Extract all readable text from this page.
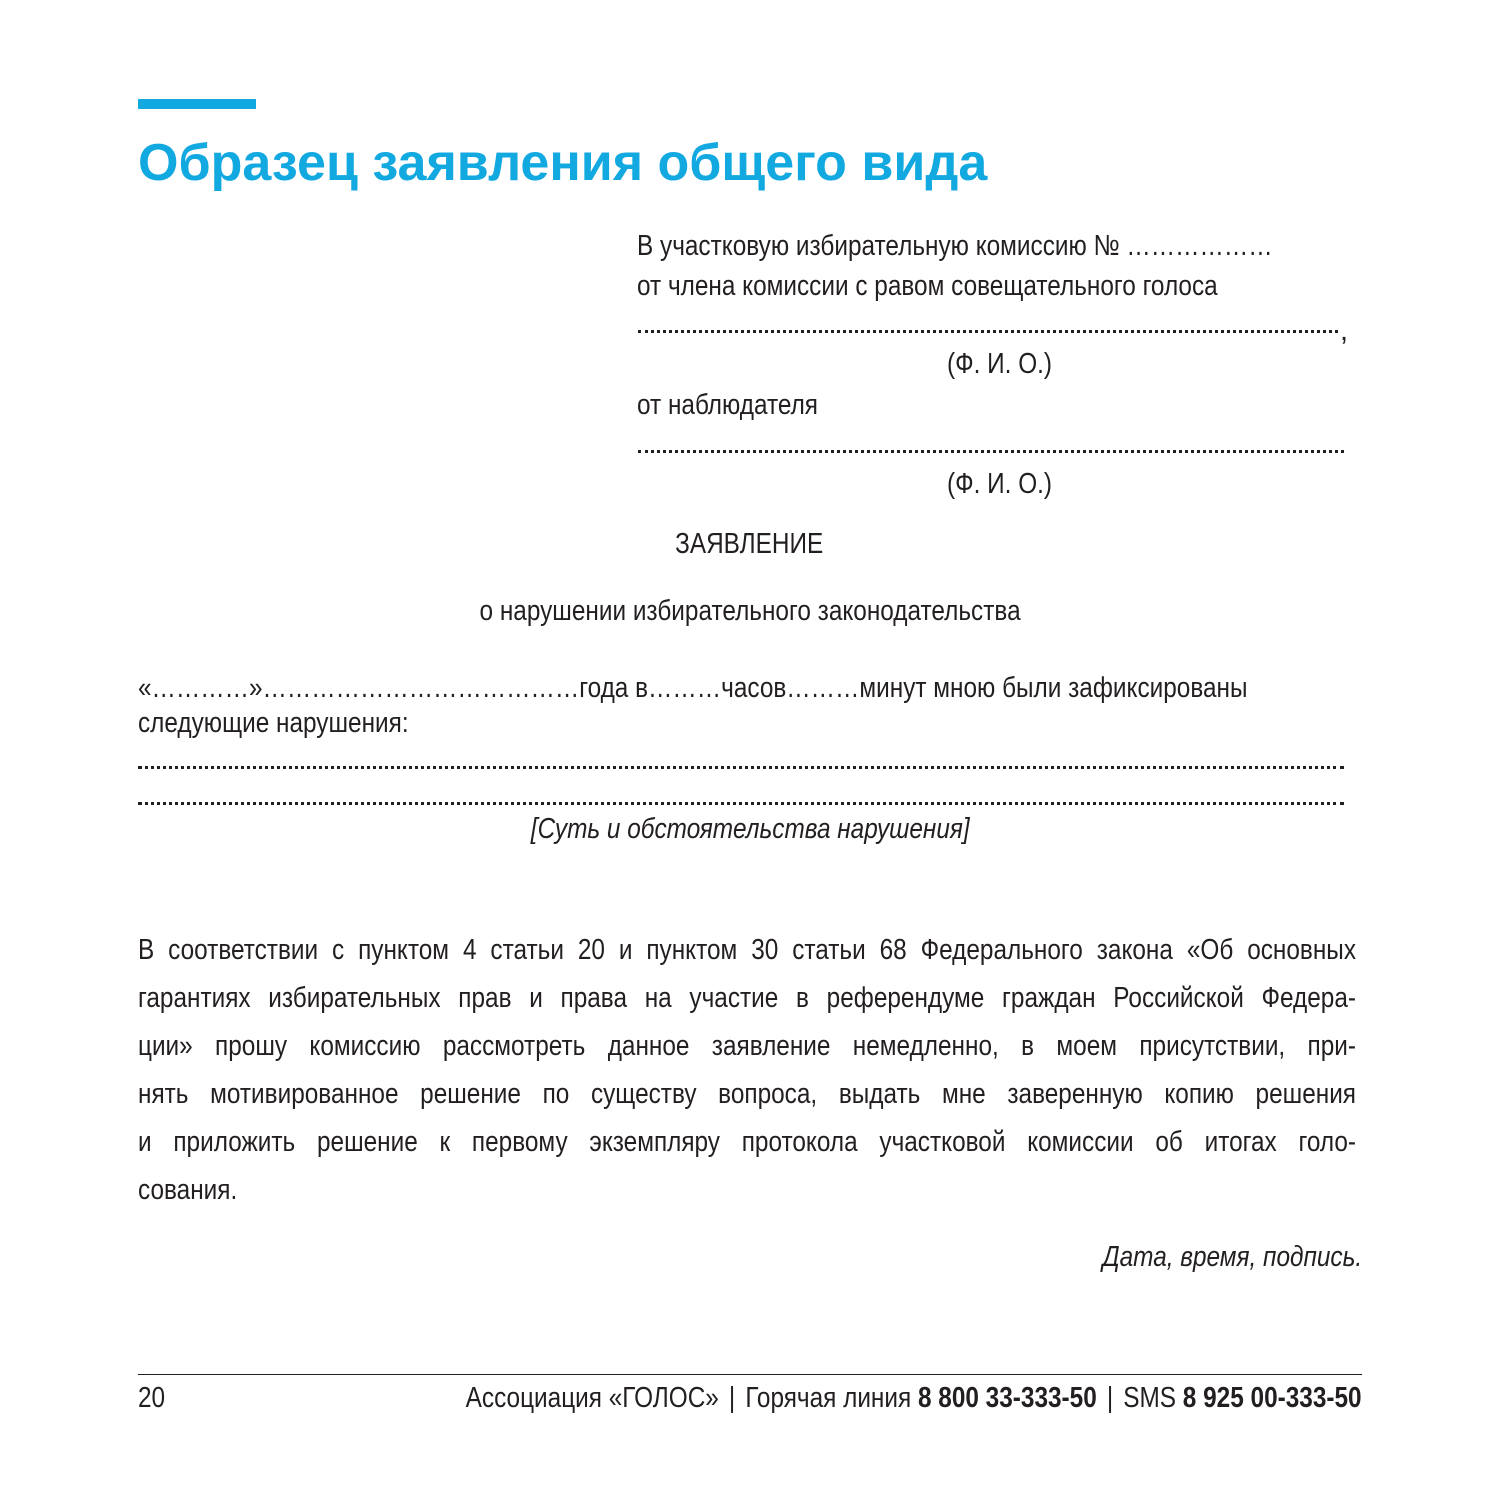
Образец заявления общего вида
В участковую избирательную комиссию № ………………
от члена комиссии с равом совещательного голоса
,
(Ф. И. О.)
от наблюдателя
(Ф. И. О.)
ЗАЯВЛЕНИЕ
о нарушении избирательного законодательства
«…………»…………………………………года в………часов………минут мною были зафиксированы
следующие нарушения:
[Суть и обстоятельства нарушения]
В соответствии с пунктом 4 статьи 20 и пунктом 30 статьи 68 Федерального закона «Об основных
гарантиях избирательных прав и права на участие в референдуме граждан Российской Федера-
ции» прошу комиссию рассмотреть данное заявление немедленно, в моем присутствии, при-
нять мотивированное решение по существу вопроса, выдать мне заверенную копию решения
и приложить решение к первому экземпляру протокола участковой комиссии об итогах голо-
сования.
Дата, время, подпись.
20	Ассоциация «ГОЛОС» | Горячая линия 8 800 33-333-50 | SMS 8 925 00-333-50
